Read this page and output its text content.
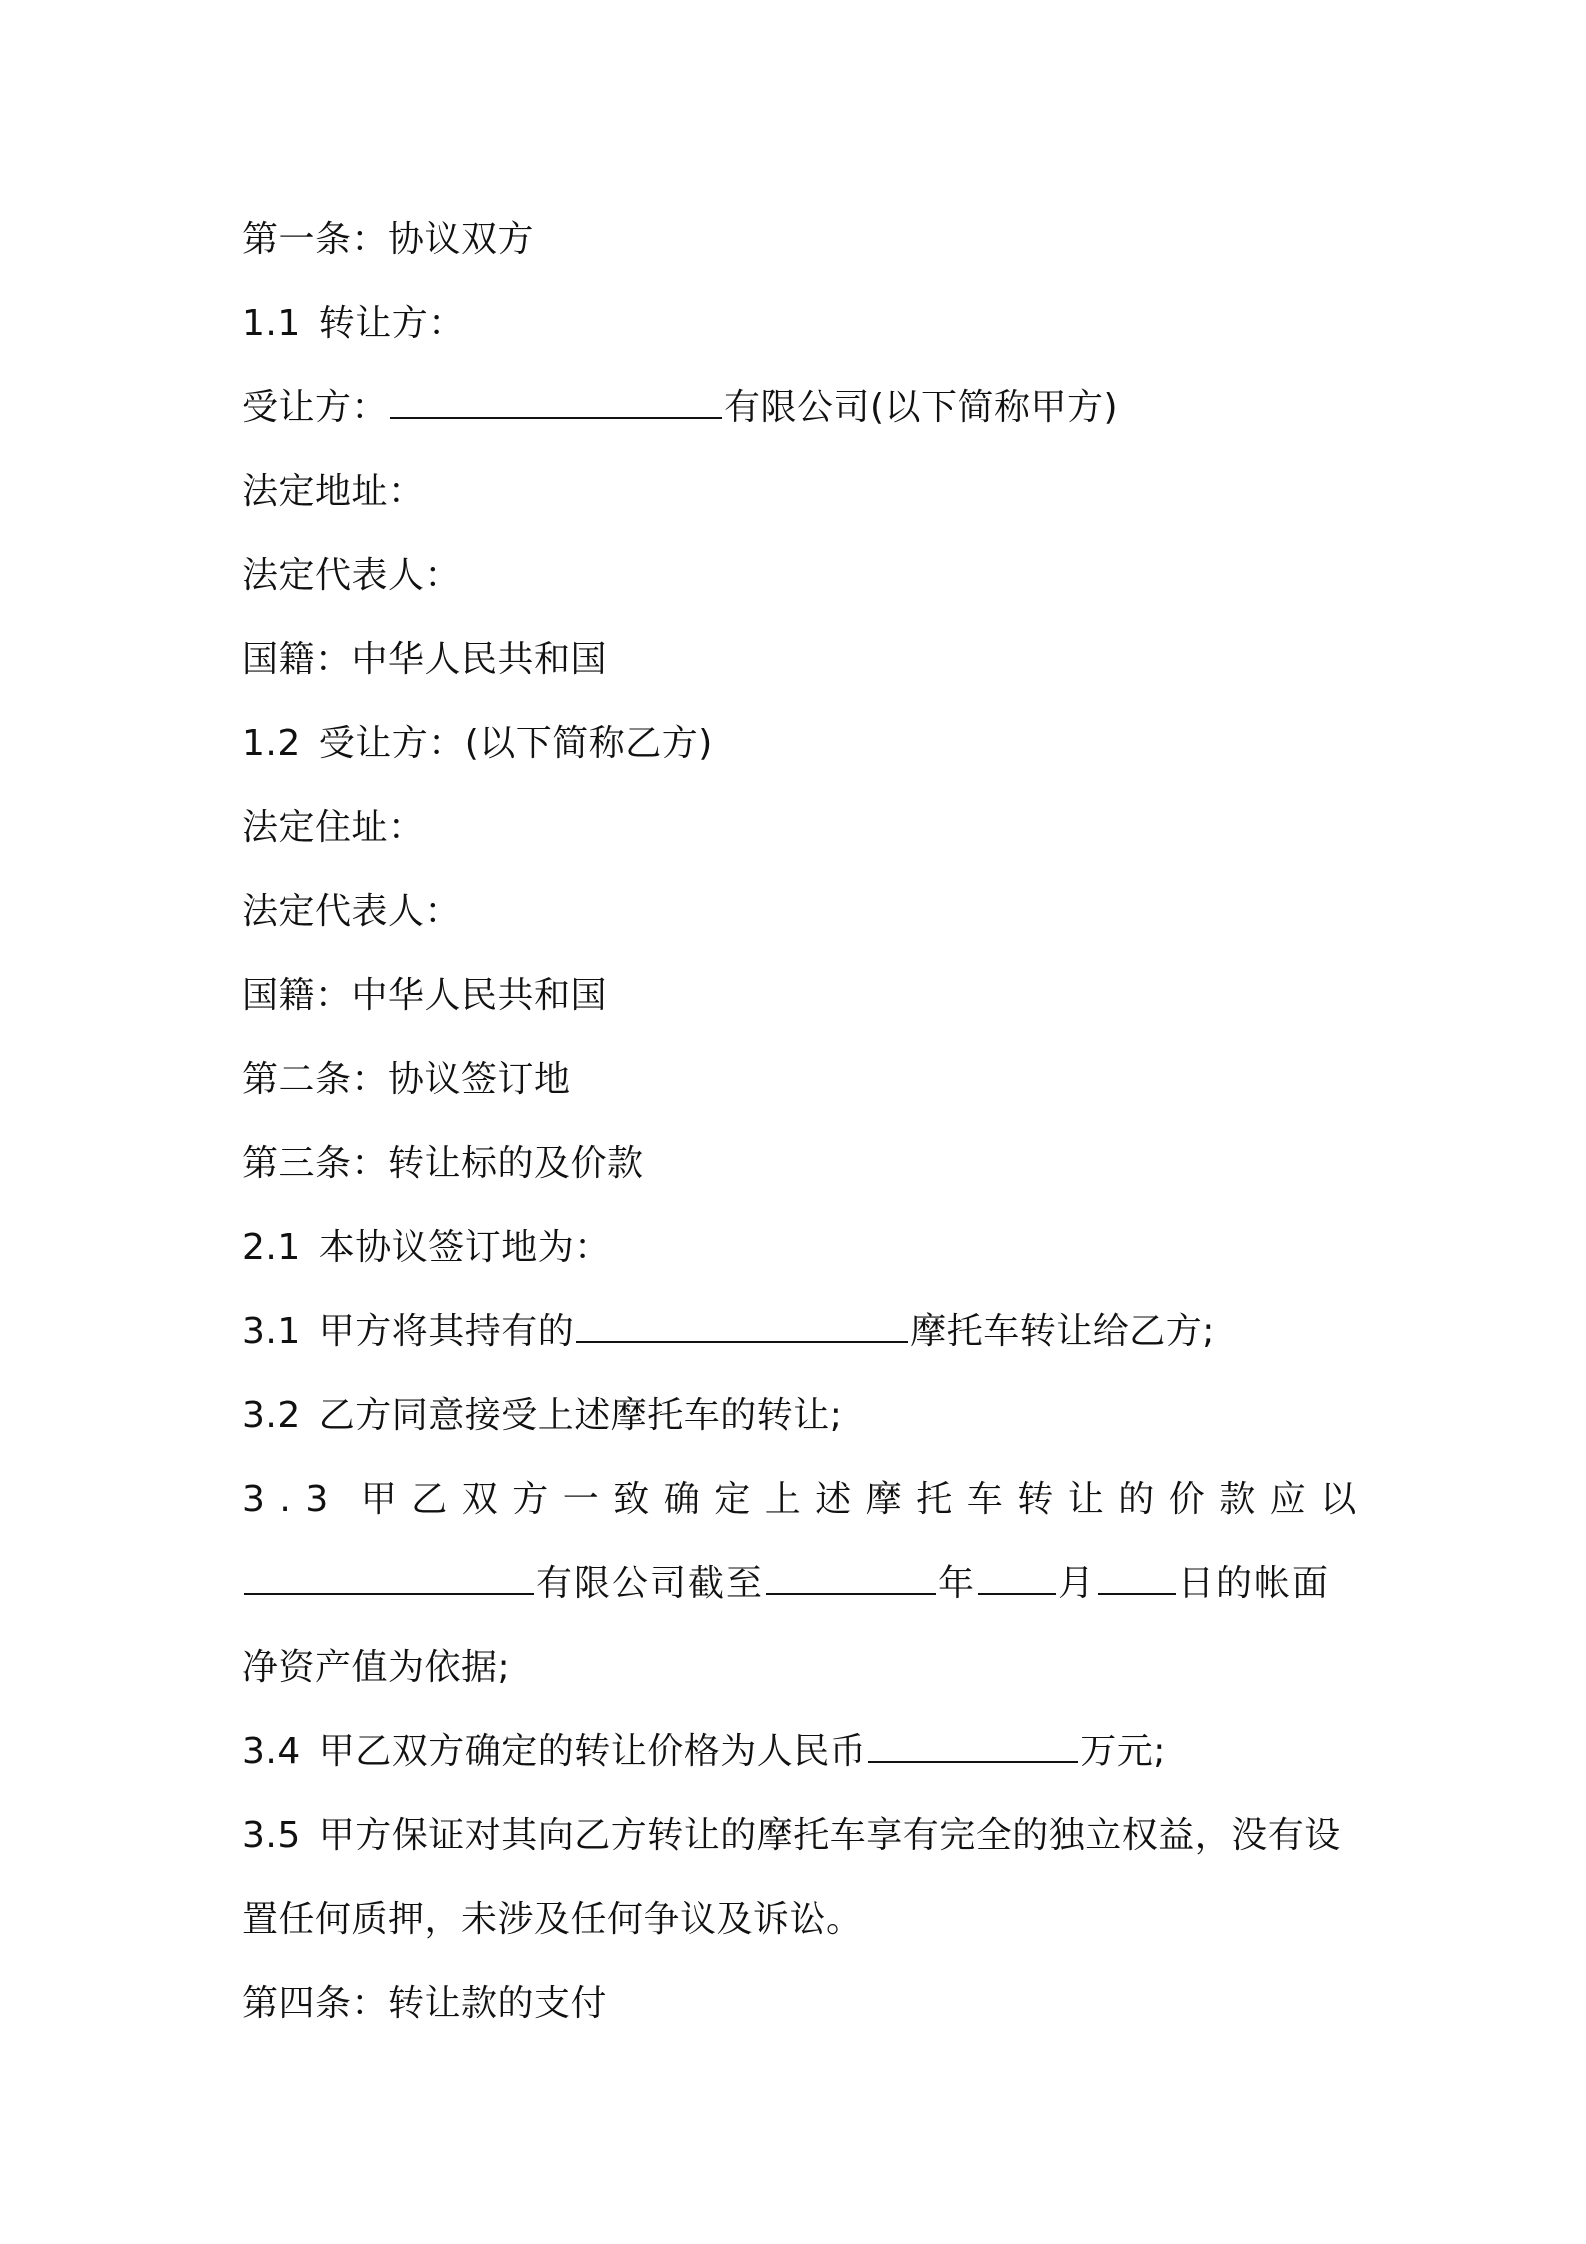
第一条：协议双方
1.1 转让方：
受让方：	有限公司(以下简称甲方)
法定地址：
法定代表人：
国籍：中华人民共和国
1.2 受让方：(以下简称乙方)
法定住址：
法定代表人：
国籍：中华人民共和国
第二条：协议签订地
第三条：转让标的及价款
2.1 本协议签订地为：
3.1 甲方将其持有的	摩托车转让给乙方;
3.2 乙方同意接受上述摩托车的转让;
3.3 甲乙双方一致确定上述摩托车转让的价款应以
有限公司截至	年 月 日的帐面
净资产值为依据;
3.4 甲乙双方确定的转让价格为人民币	万元;
3.5 甲方保证对其向乙方转让的摩托车享有完全的独立权益，没有设
置任何质押，未涉及任何争议及诉讼。
第四条：转让款的支付
